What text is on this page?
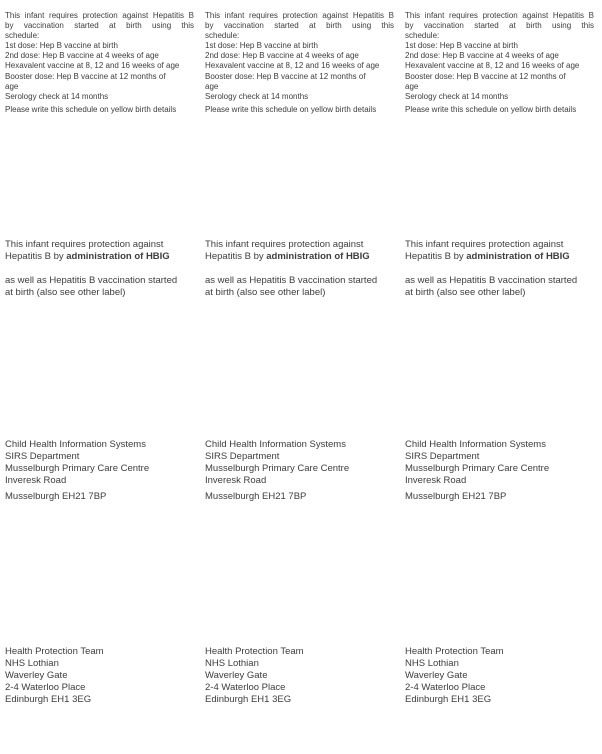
This infant requires protection against Hepatitis B
by vaccination started at birth using this
schedule:
1st dose: Hep B vaccine at birth
2nd dose: Hep B vaccine at 4 weeks of age
Hexavalent vaccine at 8, 12 and 16 weeks of age
Booster dose: Hep B vaccine at 12 months of
age
Serology check at 14 months
Please write this schedule on yellow birth details
This infant requires protection against Hepatitis B
by vaccination started at birth using this
schedule:
1st dose: Hep B vaccine at birth
2nd dose: Hep B vaccine at 4 weeks of age
Hexavalent vaccine at 8, 12 and 16 weeks of age
Booster dose: Hep B vaccine at 12 months of
age
Serology check at 14 months
Please write this schedule on yellow birth details
This infant requires protection against Hepatitis B
by vaccination started at birth using this
schedule:
1st dose: Hep B vaccine at birth
2nd dose: Hep B vaccine at 4 weeks of age
Hexavalent vaccine at 8, 12 and 16 weeks of age
Booster dose: Hep B vaccine at 12 months of
age
Serology check at 14 months
Please write this schedule on yellow birth details
This infant requires protection against
Hepatitis B by administration of HBIG
as well as Hepatitis B vaccination started
at birth (also see other label)
This infant requires protection against
Hepatitis B by administration of HBIG
as well as Hepatitis B vaccination started
at birth (also see other label)
This infant requires protection against
Hepatitis B by administration of HBIG
as well as Hepatitis B vaccination started
at birth (also see other label)
Child Health Information Systems
SIRS Department
Musselburgh Primary Care Centre
Inveresk Road
Musselburgh EH21 7BP
Child Health Information Systems
SIRS Department
Musselburgh Primary Care Centre
Inveresk Road
Musselburgh EH21 7BP
Child Health Information Systems
SIRS Department
Musselburgh Primary Care Centre
Inveresk Road
Musselburgh EH21 7BP
Health Protection Team
NHS Lothian
Waverley Gate
2-4 Waterloo Place
Edinburgh EH1 3EG
Health Protection Team
NHS Lothian
Waverley Gate
2-4 Waterloo Place
Edinburgh EH1 3EG
Health Protection Team
NHS Lothian
Waverley Gate
2-4 Waterloo Place
Edinburgh EH1 3EG
